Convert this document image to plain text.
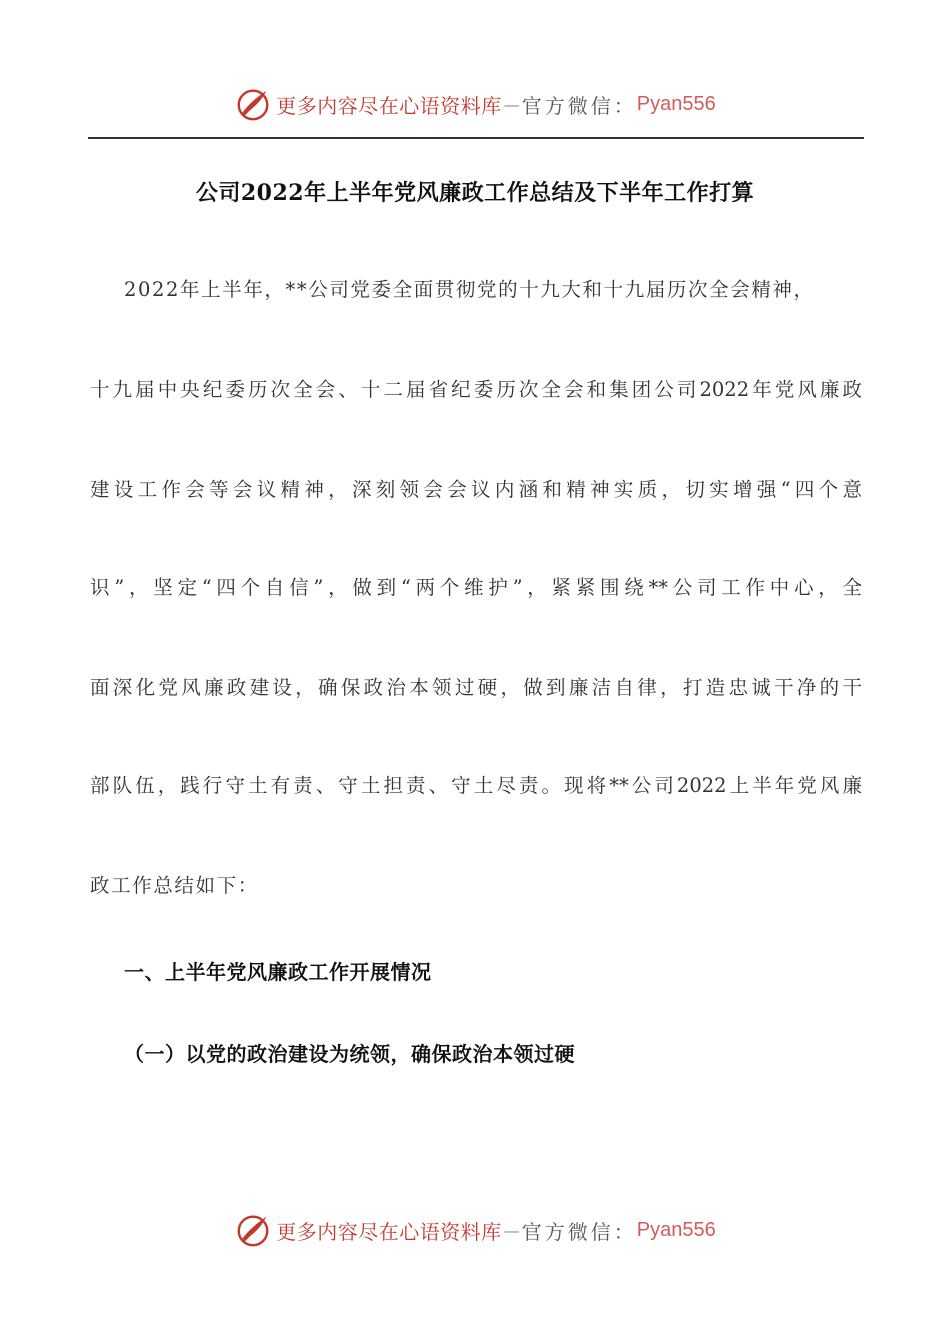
更多内容尽在心语资料库 — 官方微信： Pyan556
公司2022年上半年党风廉政工作总结及下半年工作打算
2022年上半年，**公司党委全面贯彻党的十九大和十九届历次全会精神，
十九届中央纪委历次全会、十二届省纪委历次全会和集团公司2022年党风廉政
建设工作会等会议精神，深刻领会会议内涵和精神实质，切实增强“四个意
识”，坚定“四个自信”，做到“两个维护”，紧紧围绕**公司工作中心，全
面深化党风廉政建设，确保政治本领过硬，做到廉洁自律，打造忠诚干净的干
部队伍，践行守土有责、守土担责、守土尽责。现将**公司2022上半年党风廉
政工作总结如下：
一、上半年党风廉政工作开展情况
（一）以党的政治建设为统领，确保政治本领过硬
更多内容尽在心语资料库 — 官方微信： Pyan556
